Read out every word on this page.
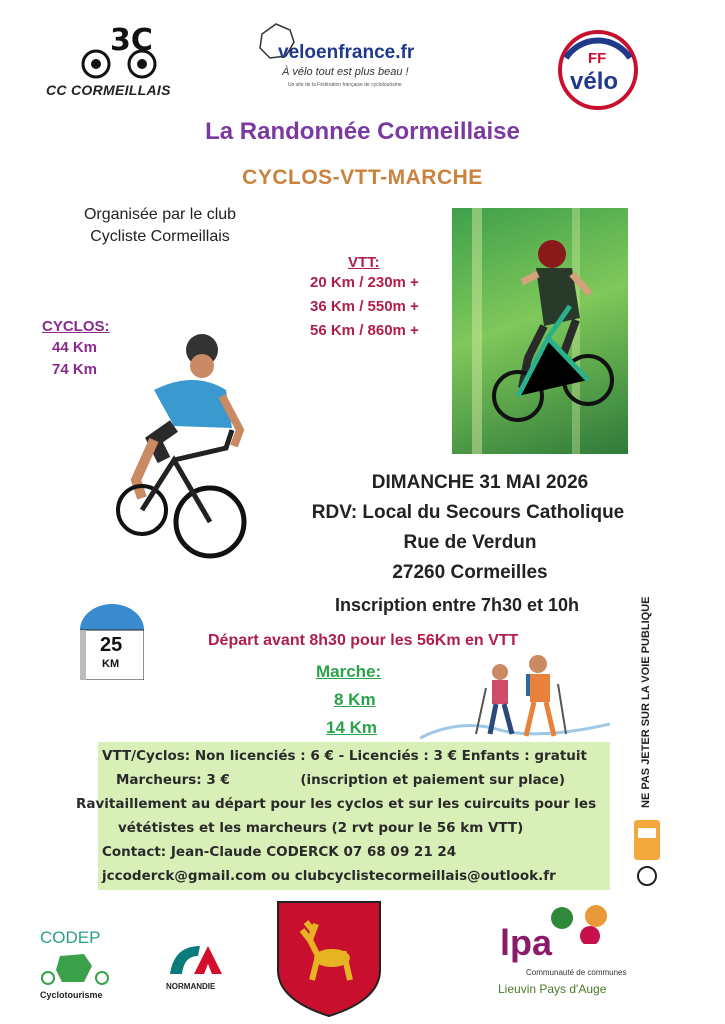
3C
CC CORMEILLAIS
veloenfrance.fr
À vélo tout est plus beau !
Un site de la Fédération française de cyclotourisme
FF
vélo
La Randonnée Cormeillaise
CYCLOS-VTT-MARCHE
Organisée par le club
Cycliste Cormeillais
VTT:
20 Km / 230m +
36 Km / 550m +
56 Km / 860m +
CYCLOS:
44 Km
74 Km
DIMANCHE 31 MAI 2026
RDV: Local du Secours Catholique
Rue de Verdun
27260 Cormeilles
Inscription entre 7h30 et 10h
Départ avant 8h30 pour les 56Km en VTT
25
KM	Marche:
8 Km
14 Km
VTT/Cyclos: Non licenciés : 6 € - Licenciés : 3 € Enfants : gratuit
Marcheurs: 3 €               (inscription et paiement sur place)
Ravitaillement au départ pour les cyclos et sur les cuircuits pour les
vététistes et les marcheurs (2 rvt pour le 56 km VTT)
Contact: Jean-Claude CODERCK 07 68 09 21 24
jccoderck@gmail.com ou clubcyclistecormeillais@outlook.fr
NE PAS JETER SUR LA VOIE PUBLIQUE
CODEP
Cyclotourisme
NORMANDIE
lpa
Communauté de communes
Lieuvin Pays d'Auge
